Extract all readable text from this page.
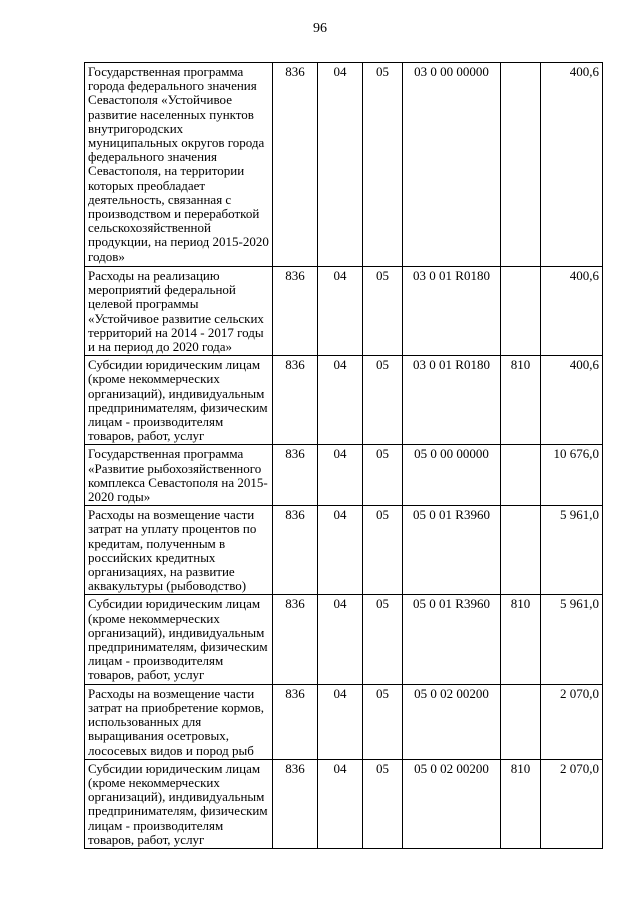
96
Государственная программа города федерального значения Севастополя «Устойчивое развитие населенных пунктов внутригородских муниципальных округов города федерального значения Севастополя, на территории которых преобладает деятельность, связанная с производством и переработкой сельскохозяйственной продукции, на период 2015-2020 годов»	836	04	05	03 0 00 00000		400,6
Расходы на реализацию мероприятий федеральной целевой программы «Устойчивое развитие сельских территорий на 2014 - 2017 годы и на период до 2020 года»	836	04	05	03 0 01 R0180		400,6
Субсидии юридическим лицам (кроме некоммерческих организаций), индивидуальным предпринимателям, физическим лицам - производителям товаров, работ, услуг	836	04	05	03 0 01 R0180	810	400,6
Государственная программа «Развитие рыбохозяйственного комплекса Севастополя на 2015-2020 годы»	836	04	05	05 0 00 00000		10 676,0
Расходы на возмещение части затрат на уплату процентов по кредитам, полученным в российских кредитных организациях, на развитие аквакультуры (рыбоводство)	836	04	05	05 0 01 R3960		5 961,0
Субсидии юридическим лицам (кроме некоммерческих организаций), индивидуальным предпринимателям, физическим лицам - производителям товаров, работ, услуг	836	04	05	05 0 01 R3960	810	5 961,0
Расходы на возмещение части затрат на приобретение кормов, использованных для выращивания осетровых, лососевых видов и пород рыб	836	04	05	05 0 02 00200		2 070,0
Субсидии юридическим лицам (кроме некоммерческих организаций), индивидуальным предпринимателям, физическим лицам - производителям товаров, работ, услуг	836	04	05	05 0 02 00200	810	2 070,0
